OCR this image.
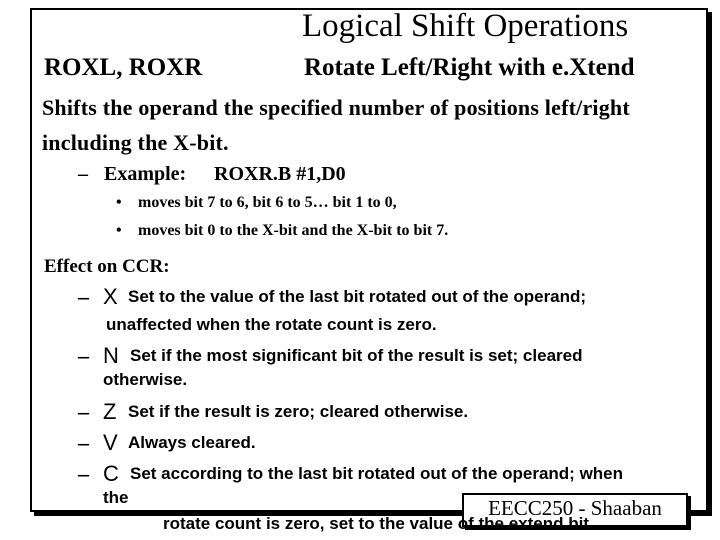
Logical Shift Operations
ROXL, ROXR	Rotate Left/Right with e.Xtend
Shifts the operand the specified number of positions left/right
including the X-bit.
– Example: ROXR.B #1,D0
• moves bit 7 to 6, bit 6 to 5… bit 1 to 0,
• moves bit 0 to the X-bit and the X-bit to bit 7.
Effect on CCR:
– X Set to the value of the last bit rotated out of the operand;
unaffected when the rotate count is zero.
– N Set if the most significant bit of the result is set; cleared
otherwise.
– Z Set if the result is zero; cleared otherwise.
– V Always cleared.
– C Set according to the last bit rotated out of the operand; when
the	EECC250 - Shaaban
rotate count is zero, set to the value of the extend bit.
